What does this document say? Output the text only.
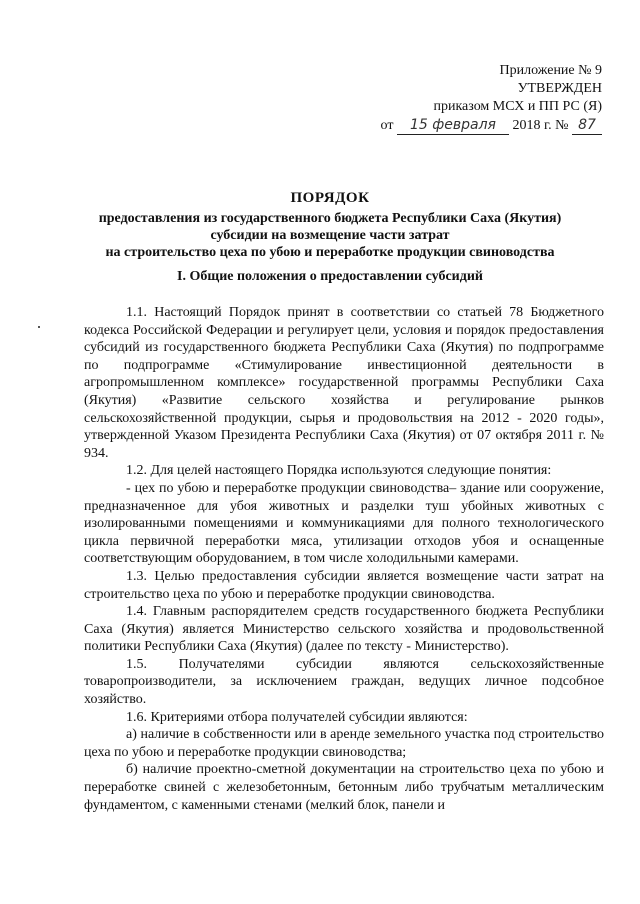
Приложение № 9
УТВЕРЖДЕН
приказом МСХ и ПП РС (Я)
от 15 февраля 2018 г. № 87
ПОРЯДОК
предоставления из государственного бюджета Республики Саха (Якутия)
субсидии на возмещение части затрат
на строительство цеха по убою и переработке продукции свиноводства
I. Общие положения о предоставлении субсидий

1.1. Настоящий Порядок принят в соответствии со статьей 78 Бюджетного кодекса Российской Федерации и регулирует цели, условия и порядок предоставления субсидий из государственного бюджета Республики Саха (Якутия) по подпрограмме по подпрограмме «Стимулирование инвестиционной деятельности в агропромышленном комплексе» государственной программы Республики Саха (Якутия) «Развитие сельского хозяйства и регулирование рынков сельскохозяйственной продукции, сырья и продовольствия на 2012 - 2020 годы», утвержденной Указом Президента Республики Саха (Якутия) от 07 октября 2011 г. № 934.

1.2. Для целей настоящего Порядка используются следующие понятия:

- цех по убою и переработке продукции свиноводства– здание или сооружение, предназначенное для убоя животных и разделки туш убойных животных с изолированными помещениями и коммуникациями для полного технологического цикла первичной переработки мяса, утилизации отходов убоя и оснащенные соответствующим оборудованием, в том числе холодильными камерами.

1.3. Целью предоставления субсидии является возмещение части затрат на строительство цеха по убою и переработке продукции свиноводства.

1.4. Главным распорядителем средств государственного бюджета Республики Саха (Якутия) является Министерство сельского хозяйства и продовольственной политики Республики Саха (Якутия) (далее по тексту - Министерство).

1.5. Получателями субсидии являются сельскохозяйственные товаропроизводители, за исключением граждан, ведущих личное подсобное хозяйство.

1.6. Критериями отбора получателей субсидии являются:

а) наличие в собственности или в аренде земельного участка под строительство цеха по убою и переработке продукции свиноводства;

б) наличие проектно-сметной документации на строительство цеха по убою и переработке свиней с железобетонным, бетонным либо трубчатым металлическим фундаментом, с каменными стенами (мелкий блок, панели и
